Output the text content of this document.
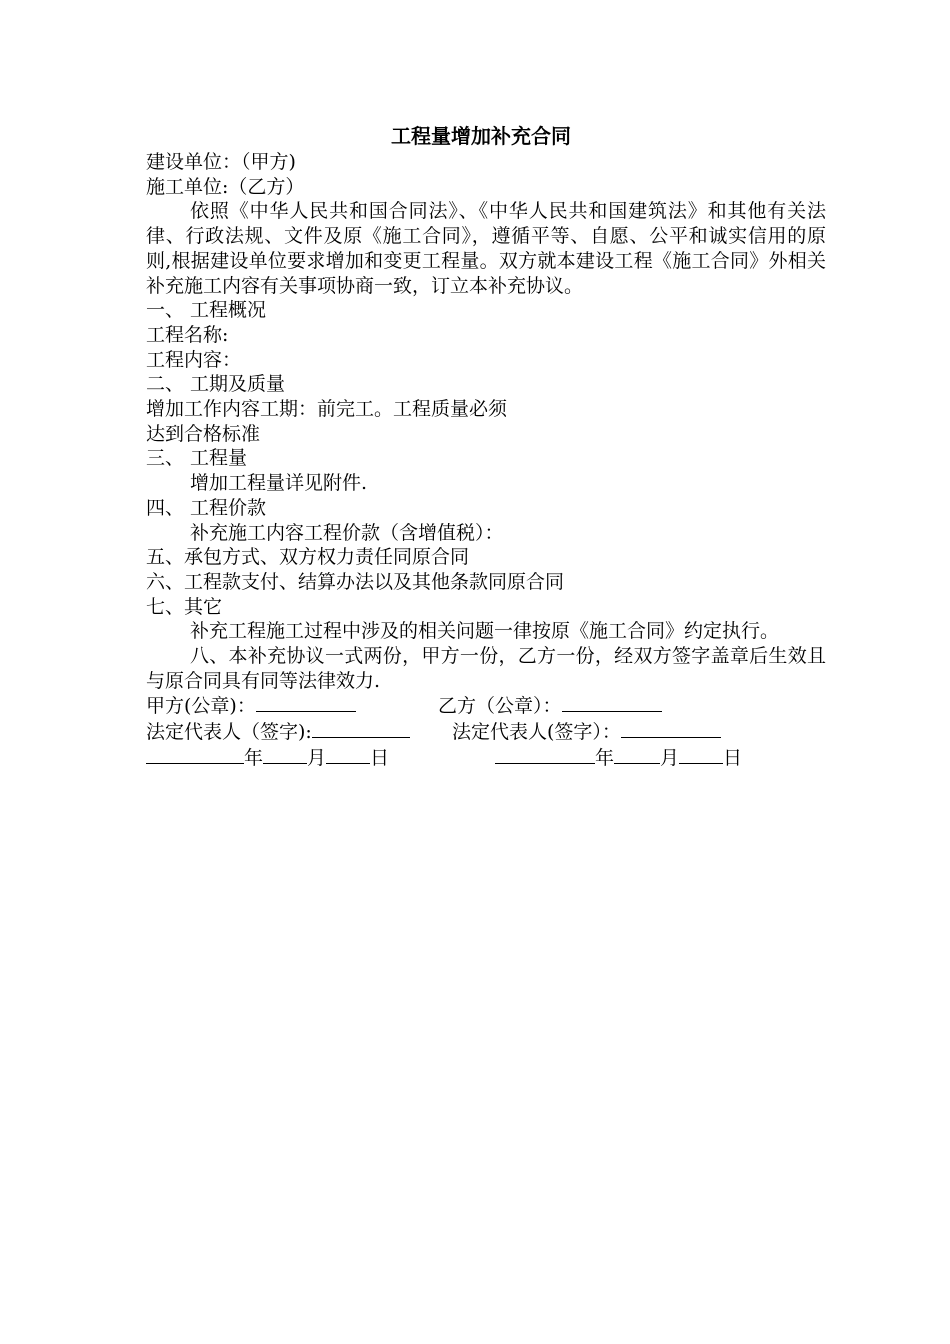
工程量增加补充合同
建设单位：（甲方)
施工单位:（乙方）
依照《中华人民共和国合同法》、《中华人民共和国建筑法》和其他有关法律、行政法规、文件及原《施工合同》，遵循平等、自愿、公平和诚实信用的原则,根据建设单位要求增加和变更工程量。双方就本建设工程《施工合同》外相关补充施工内容有关事项协商一致，订立本补充协议。
一、 工程概况
工程名称:
工程内容：
二、 工期及质量
增加工作内容工期：前完工。工程质量必须
达到合格标准
三、 工程量
增加工程量详见附件.
四、 工程价款
补充施工内容工程价款（含增值税）：
五、承包方式、双方权力责任同原合同
六、工程款支付、结算办法以及其他条款同原合同
七、其它
补充工程施工过程中涉及的相关问题一律按原《施工合同》约定执行。
八、本补充协议一式两份，甲方一份，乙方一份，经双方签字盖章后生效且与原合同具有同等法律效力.
甲方(公章)：	乙方（公章）：
法定代表人（签字):	法定代表人(签字）：
年 月 日	年 月 日
